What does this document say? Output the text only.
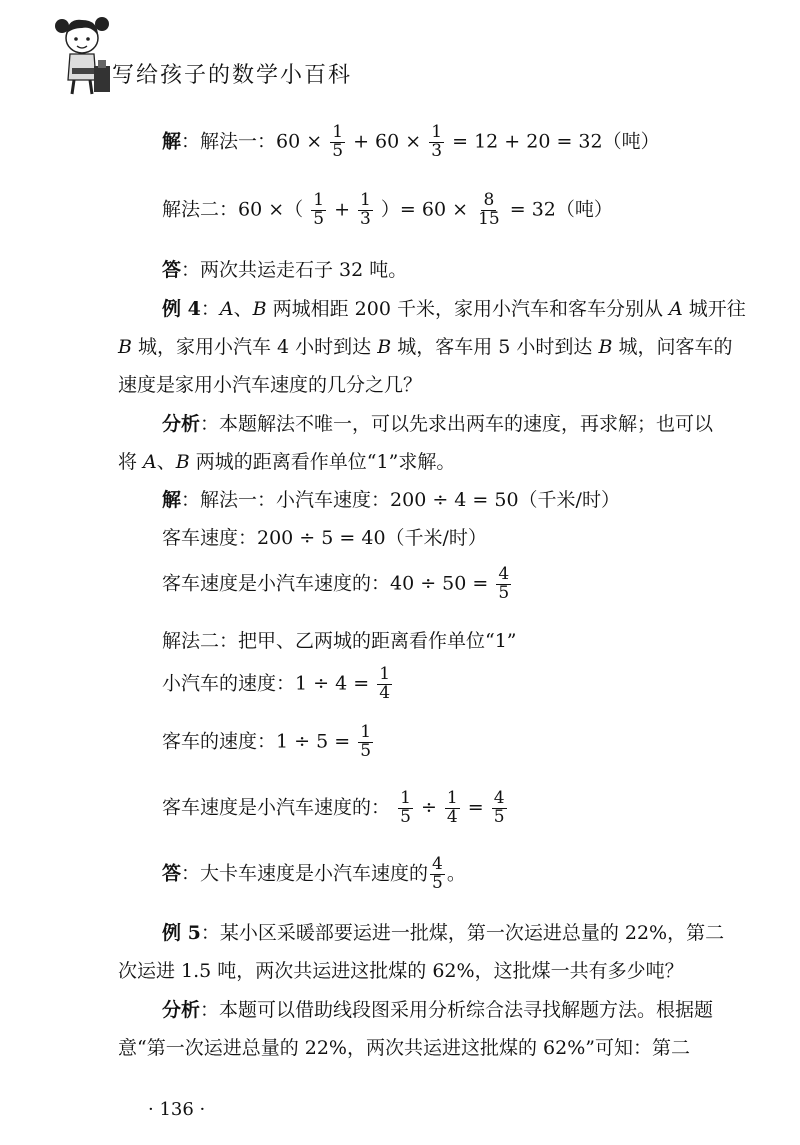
写给孩子的数学小百科
解：解法一：$60 \times \frac{1}{5} + 60 \times \frac{1}{3} = 12 + 20 = 32$（吨）
解法二：60 ×（ $\frac{1}{5} + \frac{1}{3}$ ）= $60 \times \frac{8}{15} = 32$（吨）
答：两次共运走石子 32 吨。
例 4：A、B 两城相距 200 千米，家用小汽车和客车分别从 A 城开往
B 城，家用小汽车 4 小时到达 B 城，客车用 5 小时到达 B 城，问客车的
速度是家用小汽车速度的几分之几？
分析：本题解法不唯一，可以先求出两车的速度，再求解；也可以
将 A、B 两城的距离看作单位“1”求解。
解：解法一：小汽车速度：200 ÷ 4 = 50（千米/时）
客车速度：200 ÷ 5 = 40（千米/时）
客车速度是小汽车速度的：$40 \div 50 = \frac{4}{5}$
解法二：把甲、乙两城的距离看作单位“1”
小汽车的速度：$1 \div 4 = \frac{1}{4}$
客车的速度：$1 \div 5 = \frac{1}{5}$
客车速度是小汽车速度的： $\frac{1}{5} \div \frac{1}{4} = \frac{4}{5}$
答：大卡车速度是小汽车速度的 $\frac{4}{5}$ 。
例 5：某小区采暖部要运进一批煤，第一次运进总量的 22%，第二
次运进 1.5 吨，两次共运进这批煤的 62%，这批煤一共有多少吨？
分析：本题可以借助线段图采用分析综合法寻找解题方法。根据题
意“第一次运进总量的 22%，两次共运进这批煤的 62%”可知：第二
· 136 ·
